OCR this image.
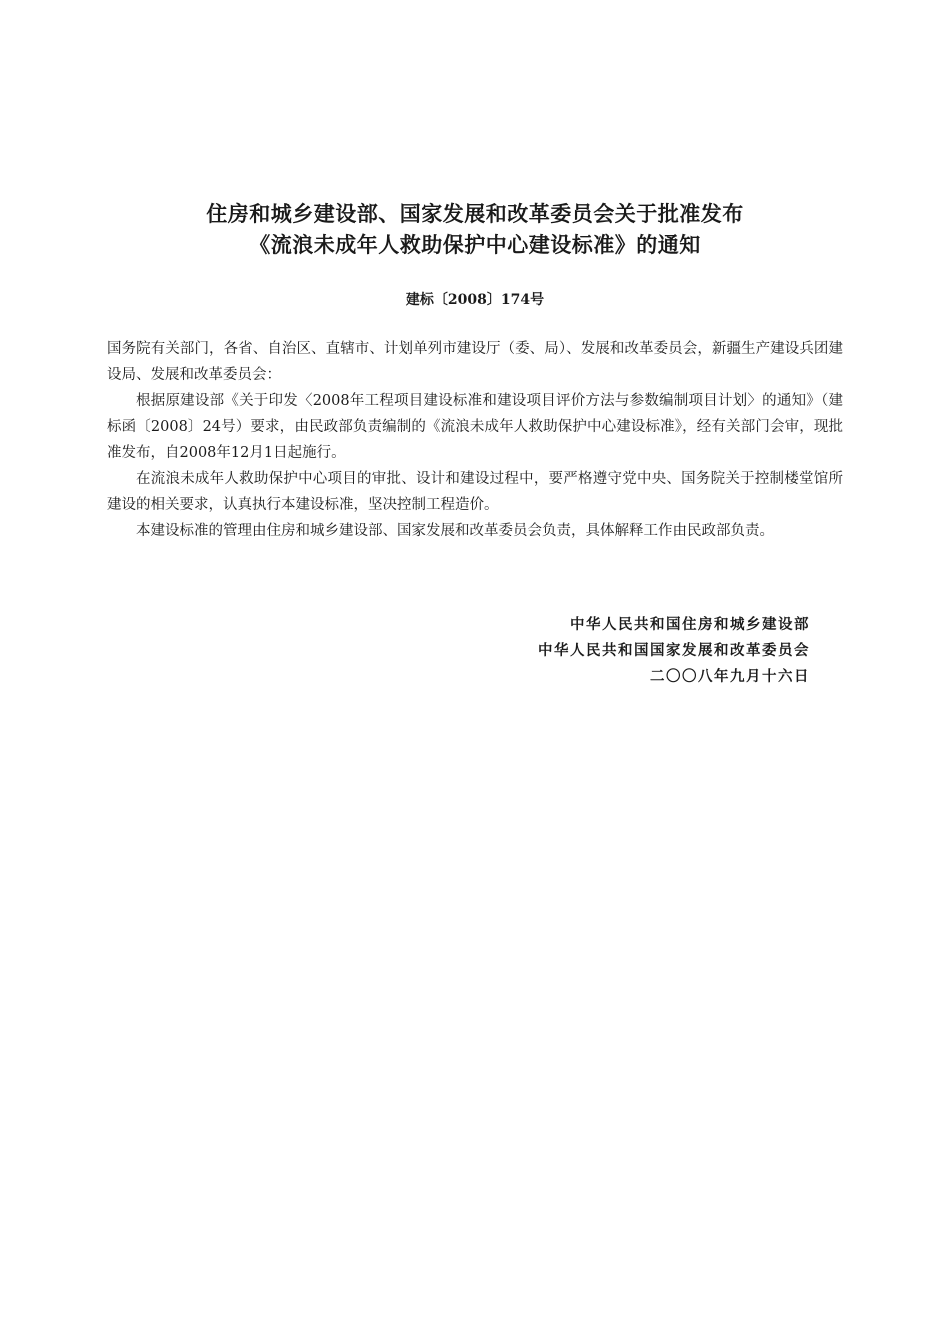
住房和城乡建设部、国家发展和改革委员会关于批准发布
《流浪未成年人救助保护中心建设标准》的通知
建标〔2008〕174号

国务院有关部门，各省、自治区、直辖市、计划单列市建设厅（委、局）、发展和改革委员会，新疆生产建设兵团建设局、发展和改革委员会：

根据原建设部《关于印发〈2008年工程项目建设标准和建设项目评价方法与参数编制项目计划〉的通知》（建标函〔2008〕24号）要求，由民政部负责编制的《流浪未成年人救助保护中心建设标准》，经有关部门会审，现批准发布，自2008年12月1日起施行。

在流浪未成年人救助保护中心项目的审批、设计和建设过程中，要严格遵守党中央、国务院关于控制楼堂馆所建设的相关要求，认真执行本建设标准，坚决控制工程造价。

本建设标准的管理由住房和城乡建设部、国家发展和改革委员会负责，具体解释工作由民政部负责。

中华人民共和国住房和城乡建设部
中华人民共和国国家发展和改革委员会
二〇〇八年九月十六日
